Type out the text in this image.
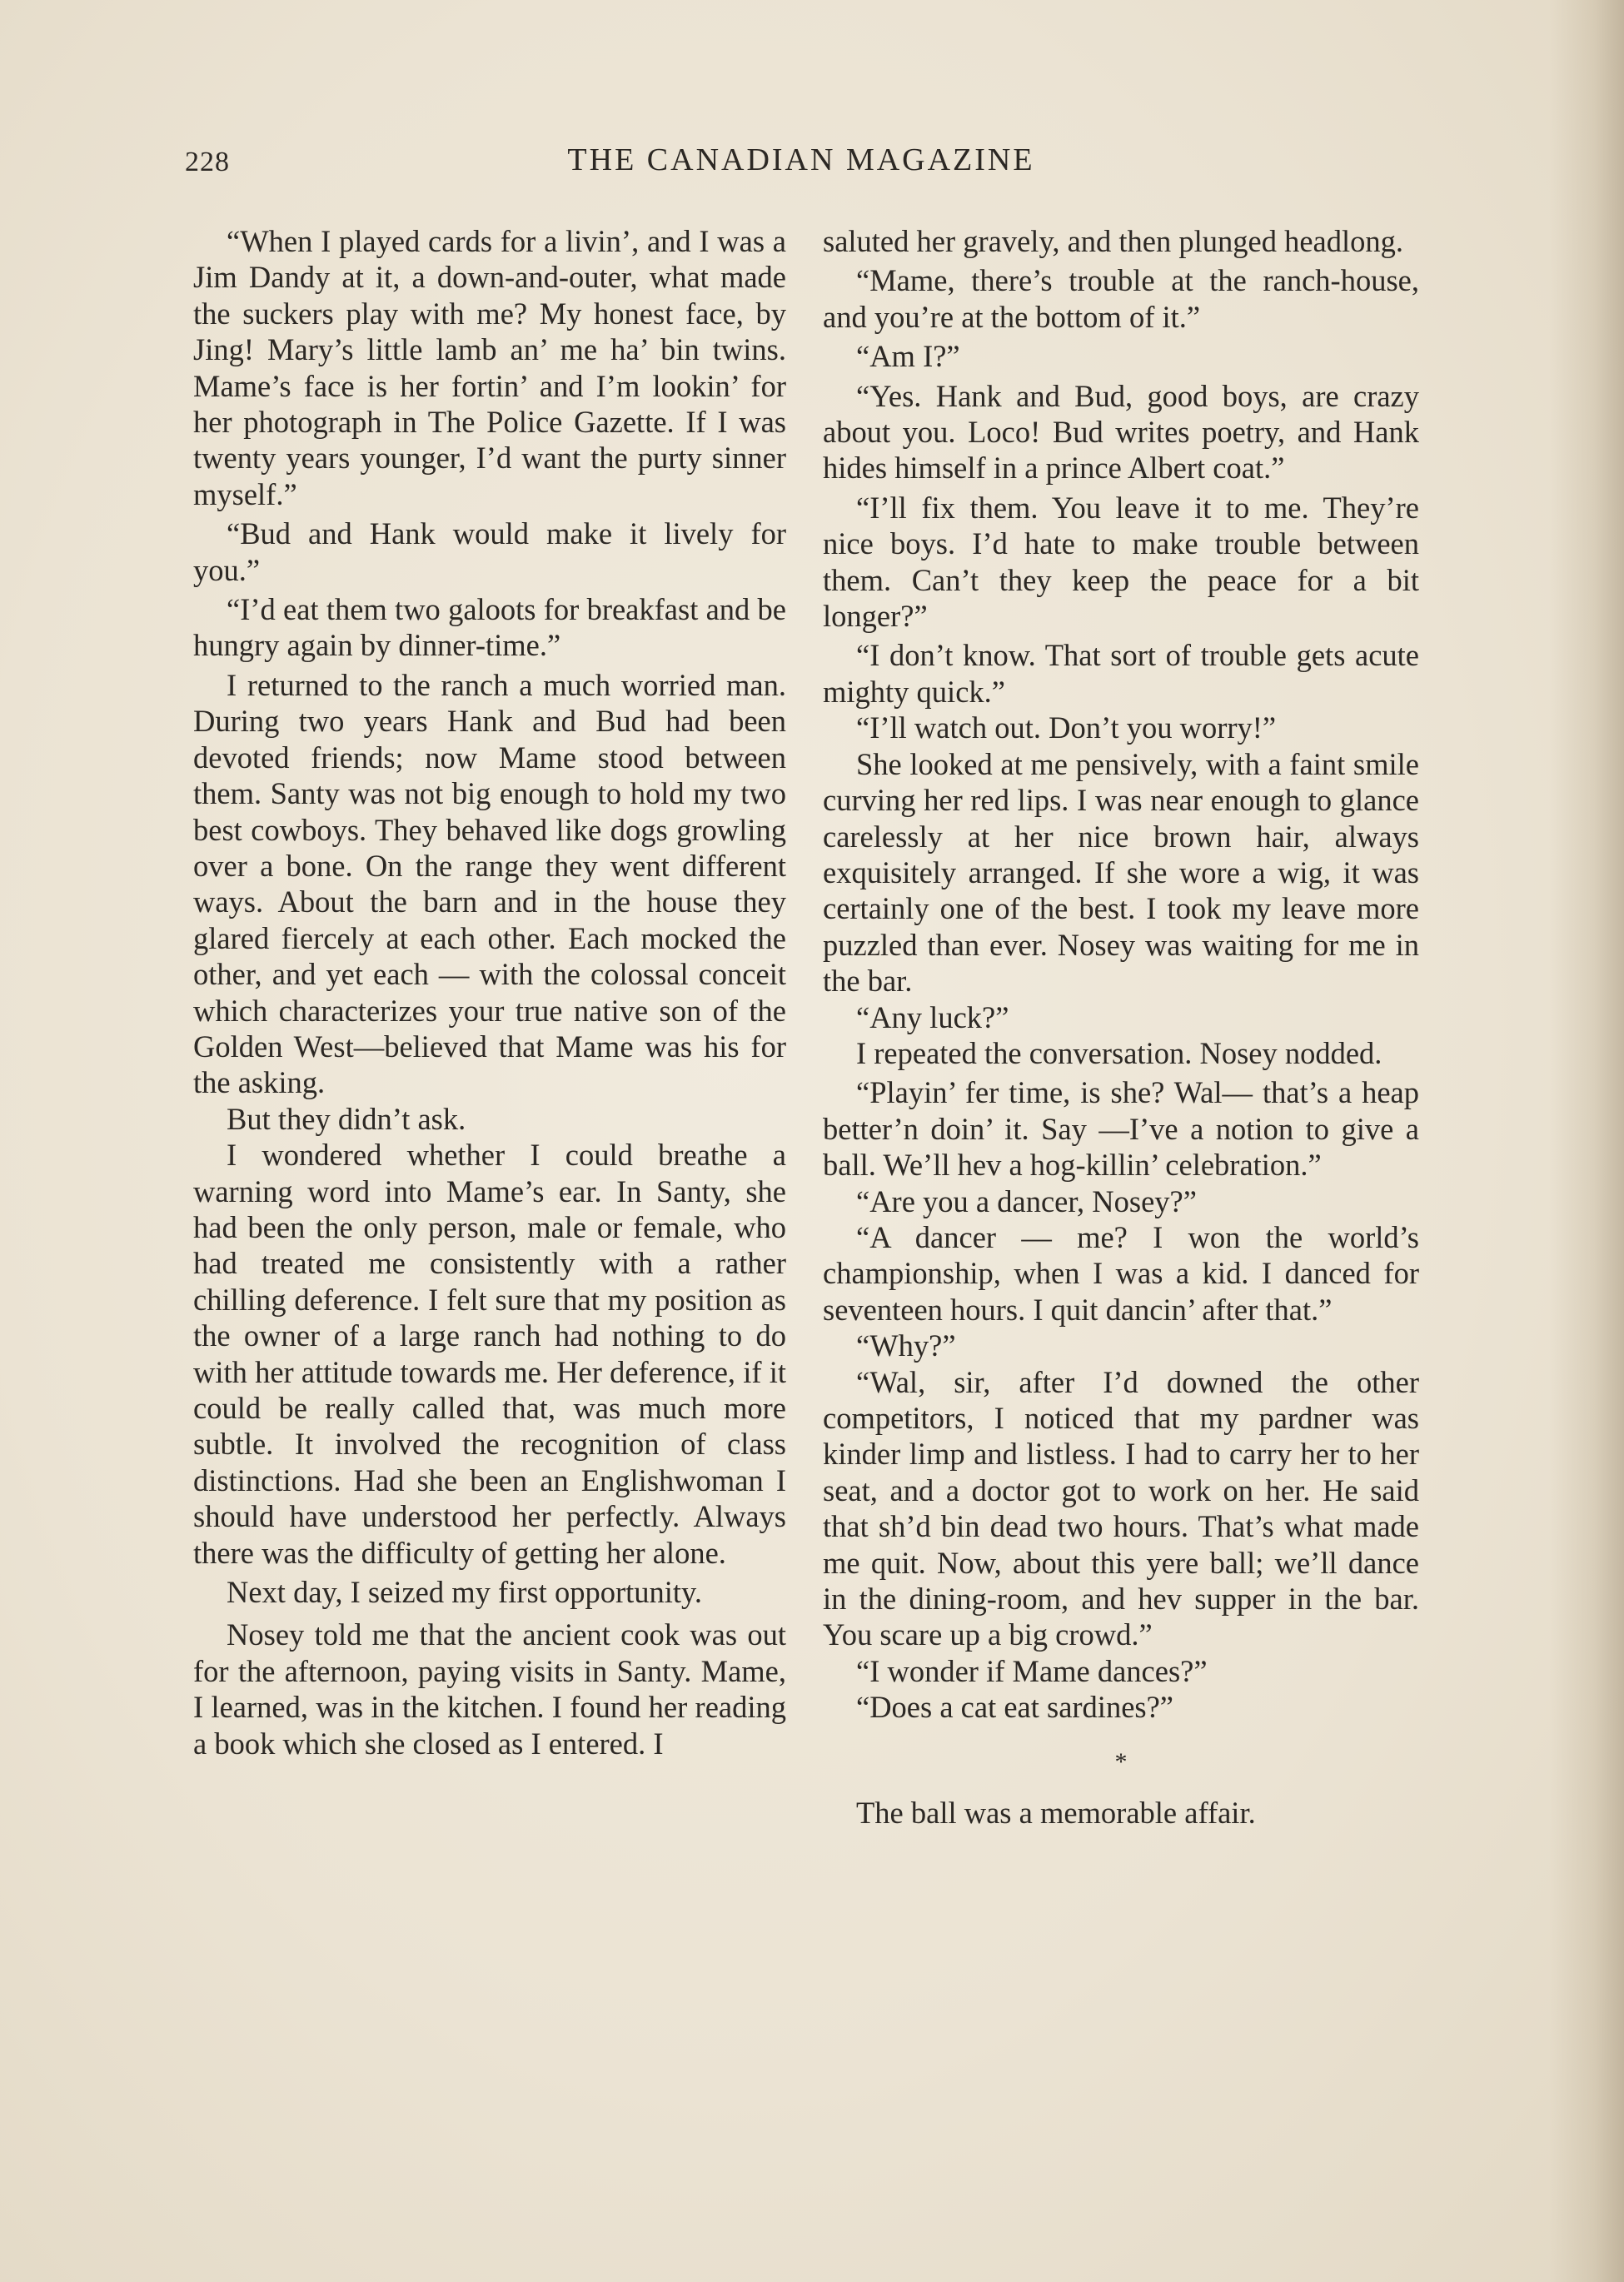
228	THE CANADIAN MAGAZINE

“When I played cards for a livin’, and I was a Jim Dandy at it, a down-and-outer, what made the suckers play with me? My honest face, by Jing! Mary’s little lamb an’ me ha’ bin twins. Mame’s face is her fortin’ and I’m lookin’ for her photograph in The Police Gazette. If I was twenty years younger, I’d want the purty sinner myself.”

“Bud and Hank would make it lively for you.”

“I’d eat them two galoots for breakfast and be hungry again by dinner-time.”

I returned to the ranch a much worried man. During two years Hank and Bud had been devoted friends; now Mame stood between them. Santy was not big enough to hold my two best cowboys. They behaved like dogs growling over a bone. On the range they went different ways. About the barn and in the house they glared fiercely at each other. Each mocked the other, and yet each — with the colossal conceit which characterizes your true native son of the Golden West—believed that Mame was his for the asking.

But they didn’t ask.

I wondered whether I could breathe a warning word into Mame’s ear. In Santy, she had been the only person, male or female, who had treated me consistently with a rather chilling deference. I felt sure that my position as the owner of a large ranch had nothing to do with her attitude towards me. Her deference, if it could be really called that, was much more subtle. It involved the recognition of class distinctions. Had she been an Englishwoman I should have understood her perfectly. Always there was the difficulty of getting her alone.

Next day, I seized my first opportunity.

Nosey told me that the ancient cook was out for the afternoon, paying visits in Santy. Mame, I learned, was in the kitchen. I found her reading a book which she closed as I entered. I

saluted her gravely, and then plunged headlong.

“Mame, there’s trouble at the ranch-house, and you’re at the bottom of it.”

“Am I?”

“Yes. Hank and Bud, good boys, are crazy about you. Loco! Bud writes poetry, and Hank hides himself in a prince Albert coat.”

“I’ll fix them. You leave it to me. They’re nice boys. I’d hate to make trouble between them. Can’t they keep the peace for a bit longer?”

“I don’t know. That sort of trouble gets acute mighty quick.”

“I’ll watch out. Don’t you worry!”

She looked at me pensively, with a faint smile curving her red lips. I was near enough to glance carelessly at her nice brown hair, always exquisitely arranged. If she wore a wig, it was certainly one of the best. I took my leave more puzzled than ever. Nosey was waiting for me in the bar.

“Any luck?”

I repeated the conversation. Nosey nodded.

“Playin’ fer time, is she? Wal— that’s a heap better’n doin’ it. Say —I’ve a notion to give a ball. We’ll hev a hog-killin’ celebration.”

“Are you a dancer, Nosey?”

“A dancer — me? I won the world’s championship, when I was a kid. I danced for seventeen hours. I quit dancin’ after that.”

“Why?”

“Wal, sir, after I’d downed the other competitors, I noticed that my pardner was kinder limp and listless. I had to carry her to her seat, and a doctor got to work on her. He said that sh’d bin dead two hours. That’s what made me quit. Now, about this yere ball; we’ll dance in the dining-room, and hev supper in the bar. You scare up a big crowd.”

“I wonder if Mame dances?”

“Does a cat eat sardines?”

*

The ball was a memorable affair.
